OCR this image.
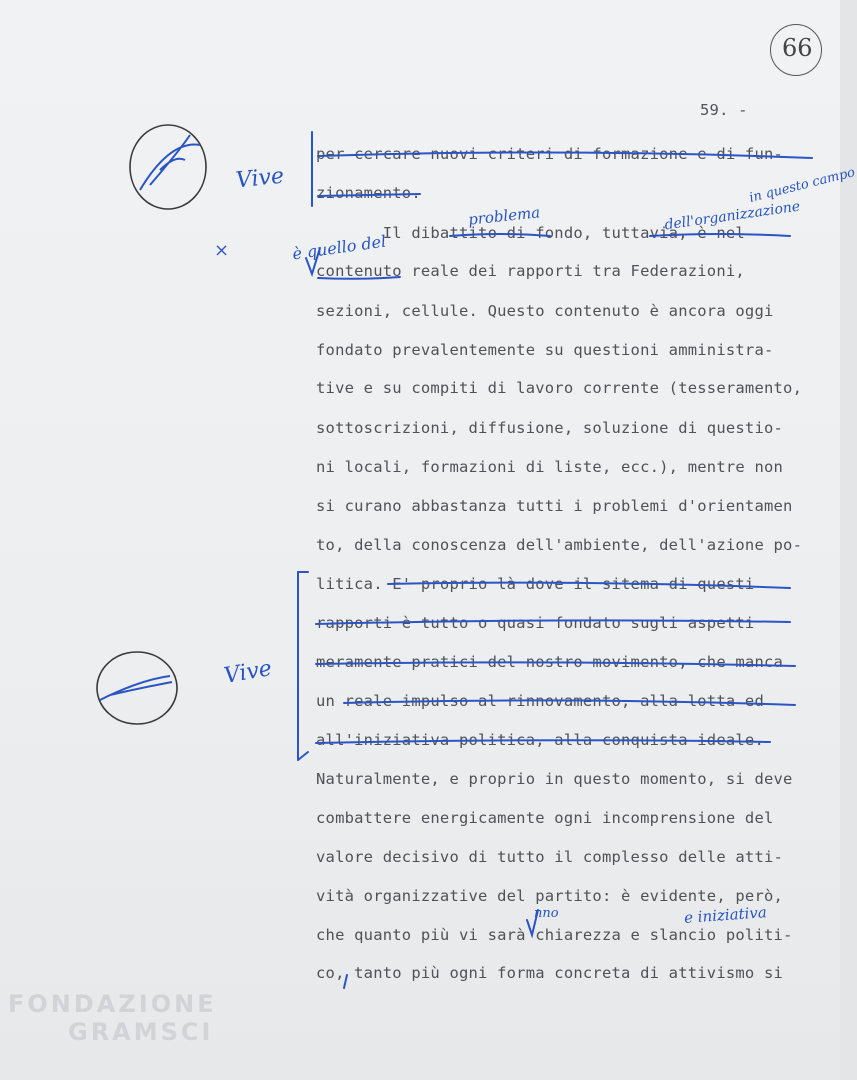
66
59. -
per cercare nuovi criteri di formazione e di fun-
zionamento.
Il dibattito di fondo, tuttavia, è nel
contenuto reale dei rapporti tra Federazioni,
sezioni, cellule. Questo contenuto è ancora oggi
fondato prevalentemente su questioni amministra-
tive e su compiti di lavoro corrente (tesseramento,
sottoscrizioni, diffusione, soluzione di questio-
ni locali, formazioni di liste, ecc.), mentre non
si curano abbastanza tutti i problemi d'orientamen
to, della conoscenza dell'ambiente, dell'azione po-
litica. E' proprio là dove il sitema di questi
rapporti è tutto o quasi fondato sugli aspetti
meramente pratici del nostro movimento, che manca
un reale impulso al rinnovamento, alla lotta ed
all'iniziativa politica, alla conquista ideale.
Naturalmente, e proprio in questo momento, si deve
combattere energicamente ogni incomprensione del
valore decisivo di tutto il complesso delle atti-
vità organizzative del partito: è evidente, però,
che quanto più vi sarà chiarezza e slancio politi-
co, tanto più ogni forma concreta di attivismo si
Vive
Vive
×	è quello del
problema	dell'organizzazione
in questo campo
nno	e iniziativa
FONDAZIONE
GRAMSCI
